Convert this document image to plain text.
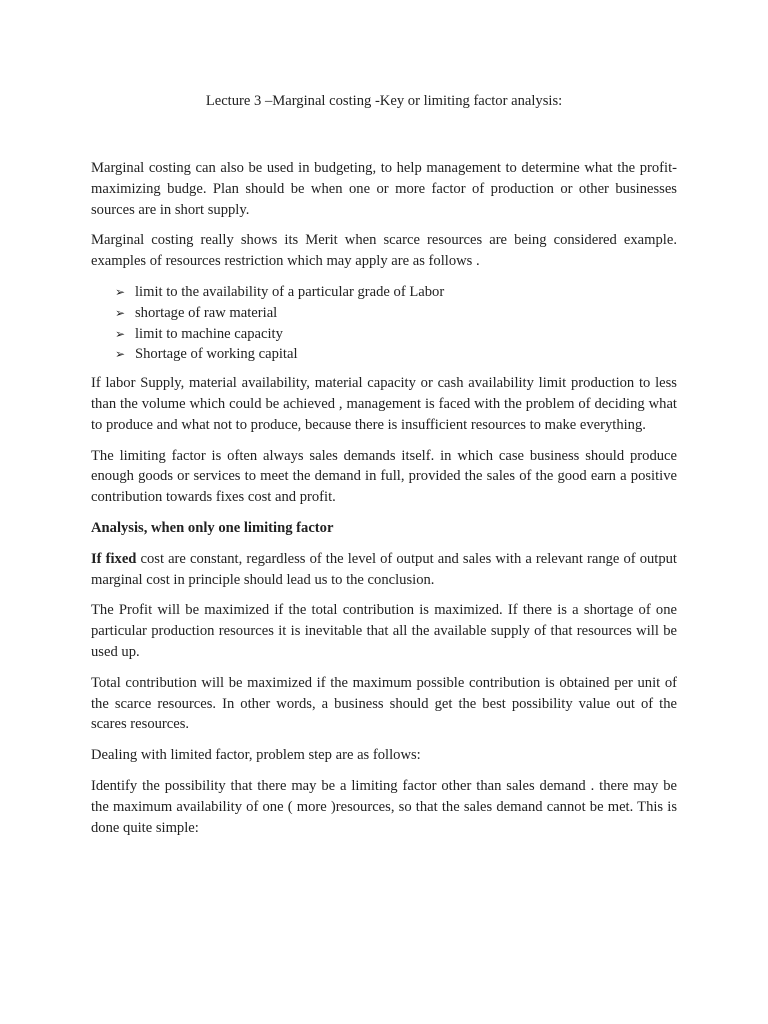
Lecture 3 –Marginal costing -Key or limiting factor analysis:

Marginal costing can also be used in budgeting, to help management to determine what the profit-maximizing budge. Plan should be when one or more factor of production or other businesses sources are in short supply.

Marginal costing really shows its Merit when scarce resources are being considered example. examples of resources restriction which may apply are as follows .

➢ limit to the availability of a particular grade of Labor
➢ shortage of raw material
➢ limit to machine capacity
➢ Shortage of working capital

If labor Supply, material availability, material capacity or cash availability limit production to less than the volume which could be achieved , management is faced with the problem of deciding what to produce and what not to produce, because there is insufficient resources to make everything.

The limiting factor is often always sales demands itself. in which case business should produce enough goods or services to meet the demand in full, provided the sales of the good earn a positive contribution towards fixes cost and profit.

Analysis, when only one limiting factor

If fixed cost are constant, regardless of the level of output and sales with a relevant range of output marginal cost in principle should lead us to the conclusion.

The Profit will be maximized if the total contribution is maximized. If there is a shortage of one particular production resources it is inevitable that all the available supply of that resources will be used up.

Total contribution will be maximized if the maximum possible contribution is obtained per unit of the scarce resources. In other words, a business should get the best possibility value out of the scares resources.

Dealing with limited factor, problem step are as follows:

Identify the possibility that there may be a limiting factor other than sales demand . there may be the maximum availability of one ( more )resources, so that the sales demand cannot be met. This is done quite simple:
